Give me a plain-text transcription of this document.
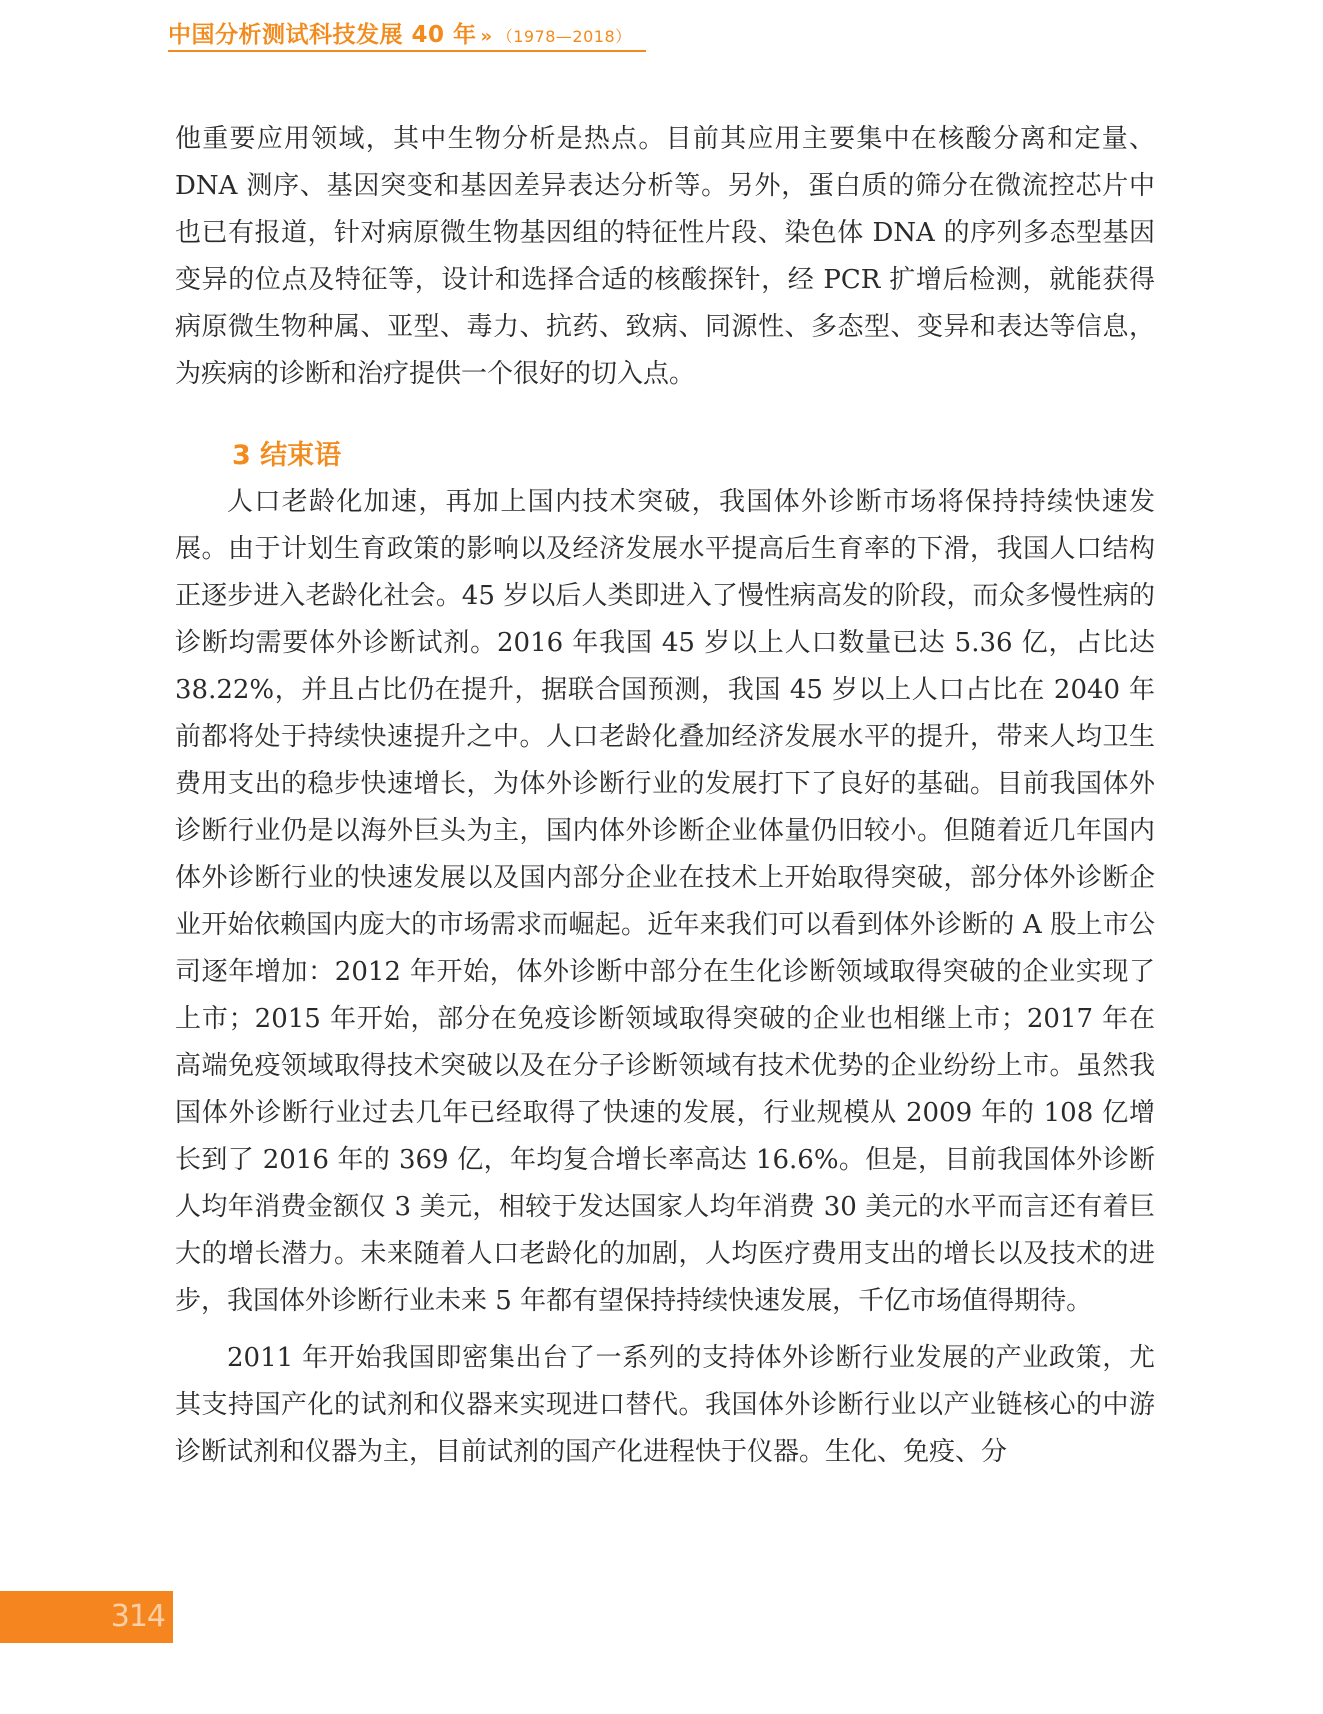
中国分析测试科技发展 40 年 » （1978—2018）

他重要应用领域，其中生物分析是热点。目前其应用主要集中在核酸分离和定量、DNA 测序、基因突变和基因差异表达分析等。另外，蛋白质的筛分在微流控芯片中也已有报道，针对病原微生物基因组的特征性片段、染色体 DNA 的序列多态型基因变异的位点及特征等，设计和选择合适的核酸探针，经 PCR 扩增后检测，就能获得病原微生物种属、亚型、毒力、抗药、致病、同源性、多态型、变异和表达等信息，为疾病的诊断和治疗提供一个很好的切入点。

3 结束语

人口老龄化加速，再加上国内技术突破，我国体外诊断市场将保持持续快速发展。由于计划生育政策的影响以及经济发展水平提高后生育率的下滑，我国人口结构正逐步进入老龄化社会。45 岁以后人类即进入了慢性病高发的阶段，而众多慢性病的诊断均需要体外诊断试剂。2016 年我国 45 岁以上人口数量已达 5.36 亿，占比达 38.22%，并且占比仍在提升，据联合国预测，我国 45 岁以上人口占比在 2040 年前都将处于持续快速提升之中。人口老龄化叠加经济发展水平的提升，带来人均卫生费用支出的稳步快速增长，为体外诊断行业的发展打下了良好的基础。目前我国体外诊断行业仍是以海外巨头为主，国内体外诊断企业体量仍旧较小。但随着近几年国内体外诊断行业的快速发展以及国内部分企业在技术上开始取得突破，部分体外诊断企业开始依赖国内庞大的市场需求而崛起。近年来我们可以看到体外诊断的 A 股上市公司逐年增加：2012 年开始，体外诊断中部分在生化诊断领域取得突破的企业实现了上市；2015 年开始，部分在免疫诊断领域取得突破的企业也相继上市；2017 年在高端免疫领域取得技术突破以及在分子诊断领域有技术优势的企业纷纷上市。虽然我国体外诊断行业过去几年已经取得了快速的发展，行业规模从 2009 年的 108 亿增长到了 2016 年的 369 亿，年均复合增长率高达 16.6%。但是，目前我国体外诊断人均年消费金额仅 3 美元，相较于发达国家人均年消费 30 美元的水平而言还有着巨大的增长潜力。未来随着人口老龄化的加剧，人均医疗费用支出的增长以及技术的进步，我国体外诊断行业未来 5 年都有望保持持续快速发展，千亿市场值得期待。

2011 年开始我国即密集出台了一系列的支持体外诊断行业发展的产业政策，尤其支持国产化的试剂和仪器来实现进口替代。我国体外诊断行业以产业链核心的中游诊断试剂和仪器为主，目前试剂的国产化进程快于仪器。生化、免疫、分

314
